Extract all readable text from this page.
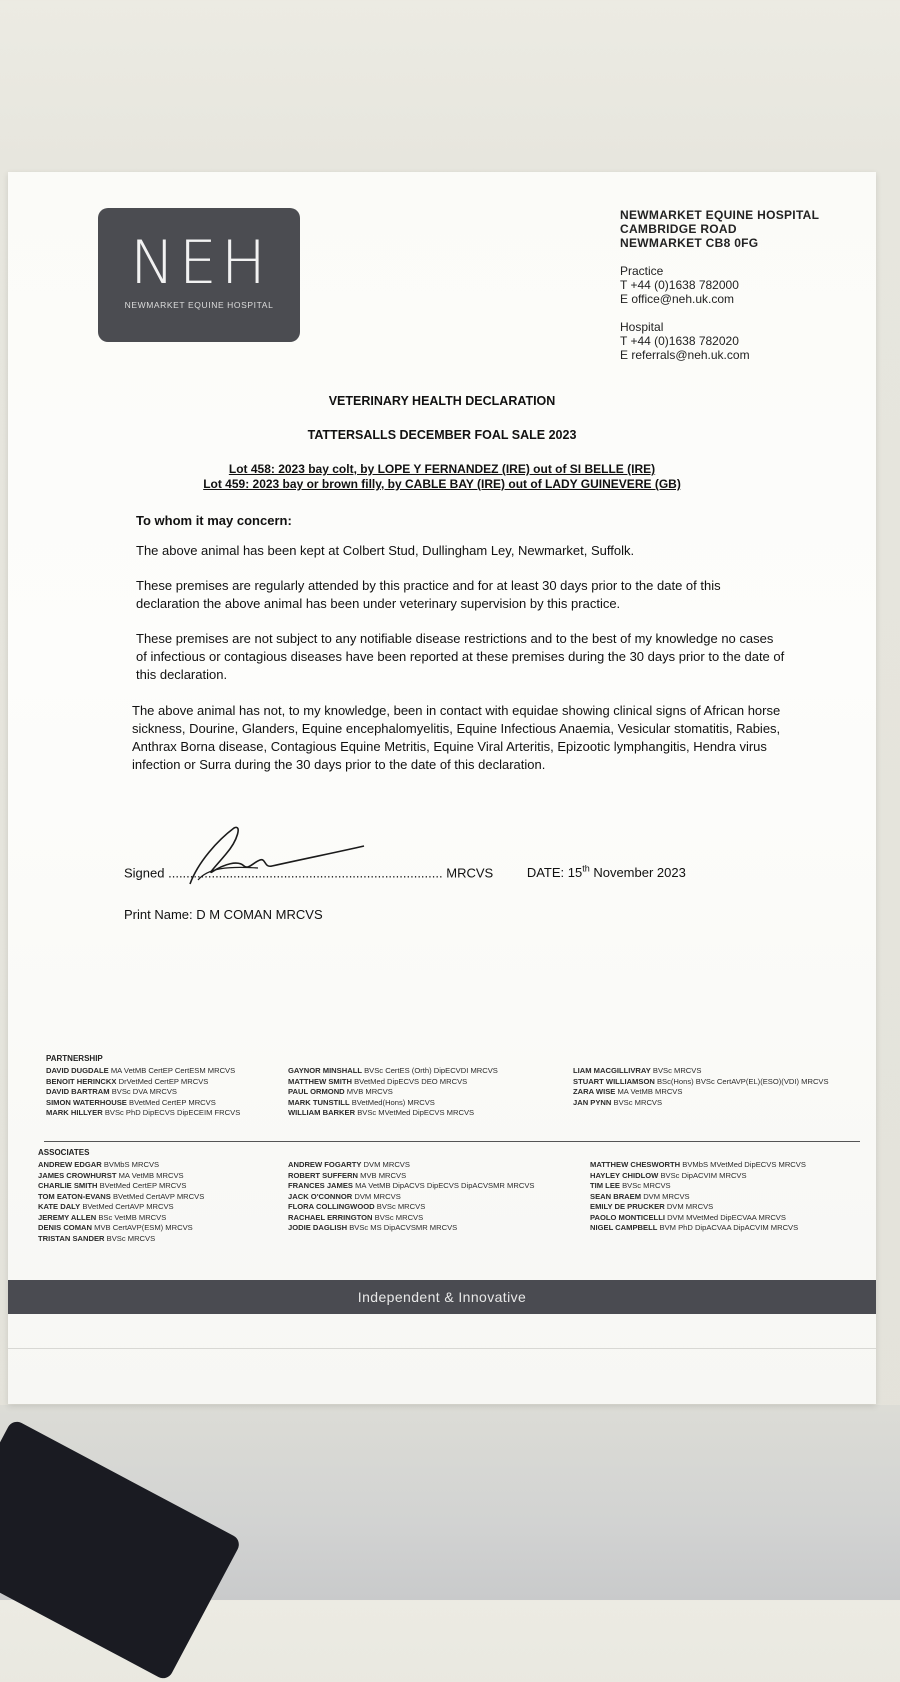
NEH
NEWMARKET EQUINE HOSPITAL
NEWMARKET EQUINE HOSPITAL
CAMBRIDGE ROAD
NEWMARKET CB8 0FG
Practice
T +44 (0)1638 782000
E office@neh.uk.com
Hospital
T +44 (0)1638 782020
E referrals@neh.uk.com
VETERINARY HEALTH DECLARATION
TATTERSALLS DECEMBER FOAL SALE 2023
Lot 458: 2023 bay colt, by LOPE Y FERNANDEZ (IRE) out of SI BELLE (IRE)
Lot 459: 2023 bay or brown filly, by CABLE BAY (IRE) out of LADY GUINEVERE (GB)
To whom it may concern:
The above animal has been kept at Colbert Stud, Dullingham Ley, Newmarket, Suffolk.
These premises are regularly attended by this practice and for at least 30 days prior to the date of this declaration the above animal has been under veterinary supervision by this practice.
These premises are not subject to any notifiable disease restrictions and to the best of my knowledge no cases of infectious or contagious diseases have been reported at these premises during the 30 days prior to the date of this declaration.
The above animal has not, to my knowledge, been in contact with equidae showing clinical signs of African horse sickness, Dourine, Glanders, Equine encephalomyelitis, Equine Infectious Anaemia, Vesicular stomatitis, Rabies, Anthrax Borna disease, Contagious Equine Metritis, Equine Viral Arteritis, Epizootic lymphangitis, Hendra virus infection or Surra during the 30 days prior to the date of this declaration.
Signed ............................................................................ MRCVS	DATE: 15th November 2023
Print Name: D M COMAN MRCVS
PARTNERSHIP
DAVID DUGDALE MA VetMB CertEP CertESM MRCVS
BENOIT HERINCKX DrVetMed CertEP MRCVS
DAVID BARTRAM BVSc DVA MRCVS
SIMON WATERHOUSE BVetMed CertEP MRCVS
MARK HILLYER BVSc PhD DipECVS DipECEIM FRCVS
GAYNOR MINSHALL BVSc CertES (Orth) DipECVDI MRCVS
MATTHEW SMITH BVetMed DipECVS DEO MRCVS
PAUL ORMOND MVB MRCVS
MARK TUNSTILL BVetMed(Hons) MRCVS
WILLIAM BARKER BVSc MVetMed DipECVS MRCVS
LIAM MACGILLIVRAY BVSc MRCVS
STUART WILLIAMSON BSc(Hons) BVSc CertAVP(EL)(ESO)(VDI) MRCVS
ZARA WISE MA VetMB MRCVS
JAN PYNN BVSc MRCVS
ASSOCIATES
ANDREW EDGAR BVMbS MRCVS
JAMES CROWHURST MA VetMB MRCVS
CHARLIE SMITH BVetMed CertEP MRCVS
TOM EATON-EVANS BVetMed CertAVP MRCVS
KATE DALY BVetMed CertAVP MRCVS
JEREMY ALLEN BSc VetMB MRCVS
DENIS COMAN MVB CertAVP(ESM) MRCVS
TRISTAN SANDER BVSc MRCVS
ANDREW FOGARTY DVM MRCVS
ROBERT SUFFERN MVB MRCVS
FRANCES JAMES MA VetMB DipACVS DipECVS DipACVSMR MRCVS
JACK O'CONNOR DVM MRCVS
FLORA COLLINGWOOD BVSc MRCVS
RACHAEL ERRINGTON BVSc MRCVS
JODIE DAGLISH BVSc MS DipACVSMR MRCVS
MATTHEW CHESWORTH BVMbS MVetMed DipECVS MRCVS
HAYLEY CHIDLOW BVSc DipACVIM MRCVS
TIM LEE BVSc MRCVS
SEAN BRAEM DVM MRCVS
EMILY DE PRUCKER DVM MRCVS
PAOLO MONTICELLI DVM MVetMed DipECVAA MRCVS
NIGEL CAMPBELL BVM PhD DipACVAA DipACVIM MRCVS
Independent & Innovative
